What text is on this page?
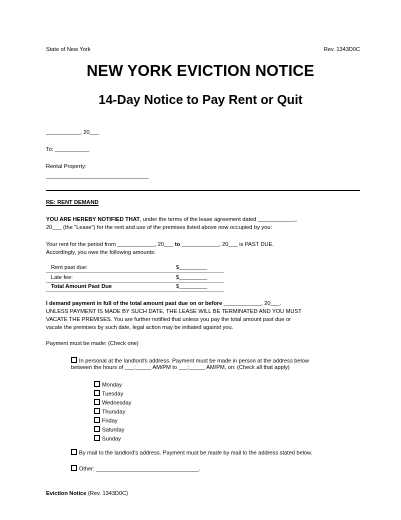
State of New York	Rev. 1343D0C
NEW YORK EVICTION NOTICE
14-Day Notice to Pay Rent or Quit
___________, 20___
To: ___________
Rental Property:
_________________________________
RE: RENT DEMAND
YOU ARE HEREBY NOTIFIED THAT, under the terms of the lease agreement dated ____________,
20___ (the "Lease") for the rent and use of the premises listed above now occupied by you:
Your rent for the period from ____________, 20___ to ____________, 20___ is PAST DUE.
Accordingly, you owe the following amounts:
Rent past due:	$_________
Late fee:	$_________
Total Amount Past Due	$_________
I demand payment in full of the total amount past due on or before ____________, 20___.
UNLESS PAYMENT IS MADE BY SUCH DATE, THE LEASE WILL BE TERMINATED AND YOU MUST
VACATE THE PREMISES. You are further notified that unless you pay the total amount past due or
vacate the premises by such date, legal action may be initiated against you.
Payment must be made: (Check one)
In personal at the landlord's address. Payment must be made in person at the address below
between the hours of ___:_____ AM/PM to ___:_____ AM/PM, on: (Check all that apply)
Monday
Tuesday
Wednesday
Thursday
Friday
Saturday
Sunday
By mail to the landlord's address. Payment must be made by mail to the address stated below.
Other: _________________________________.
Eviction Notice (Rev. 1343D0C)
